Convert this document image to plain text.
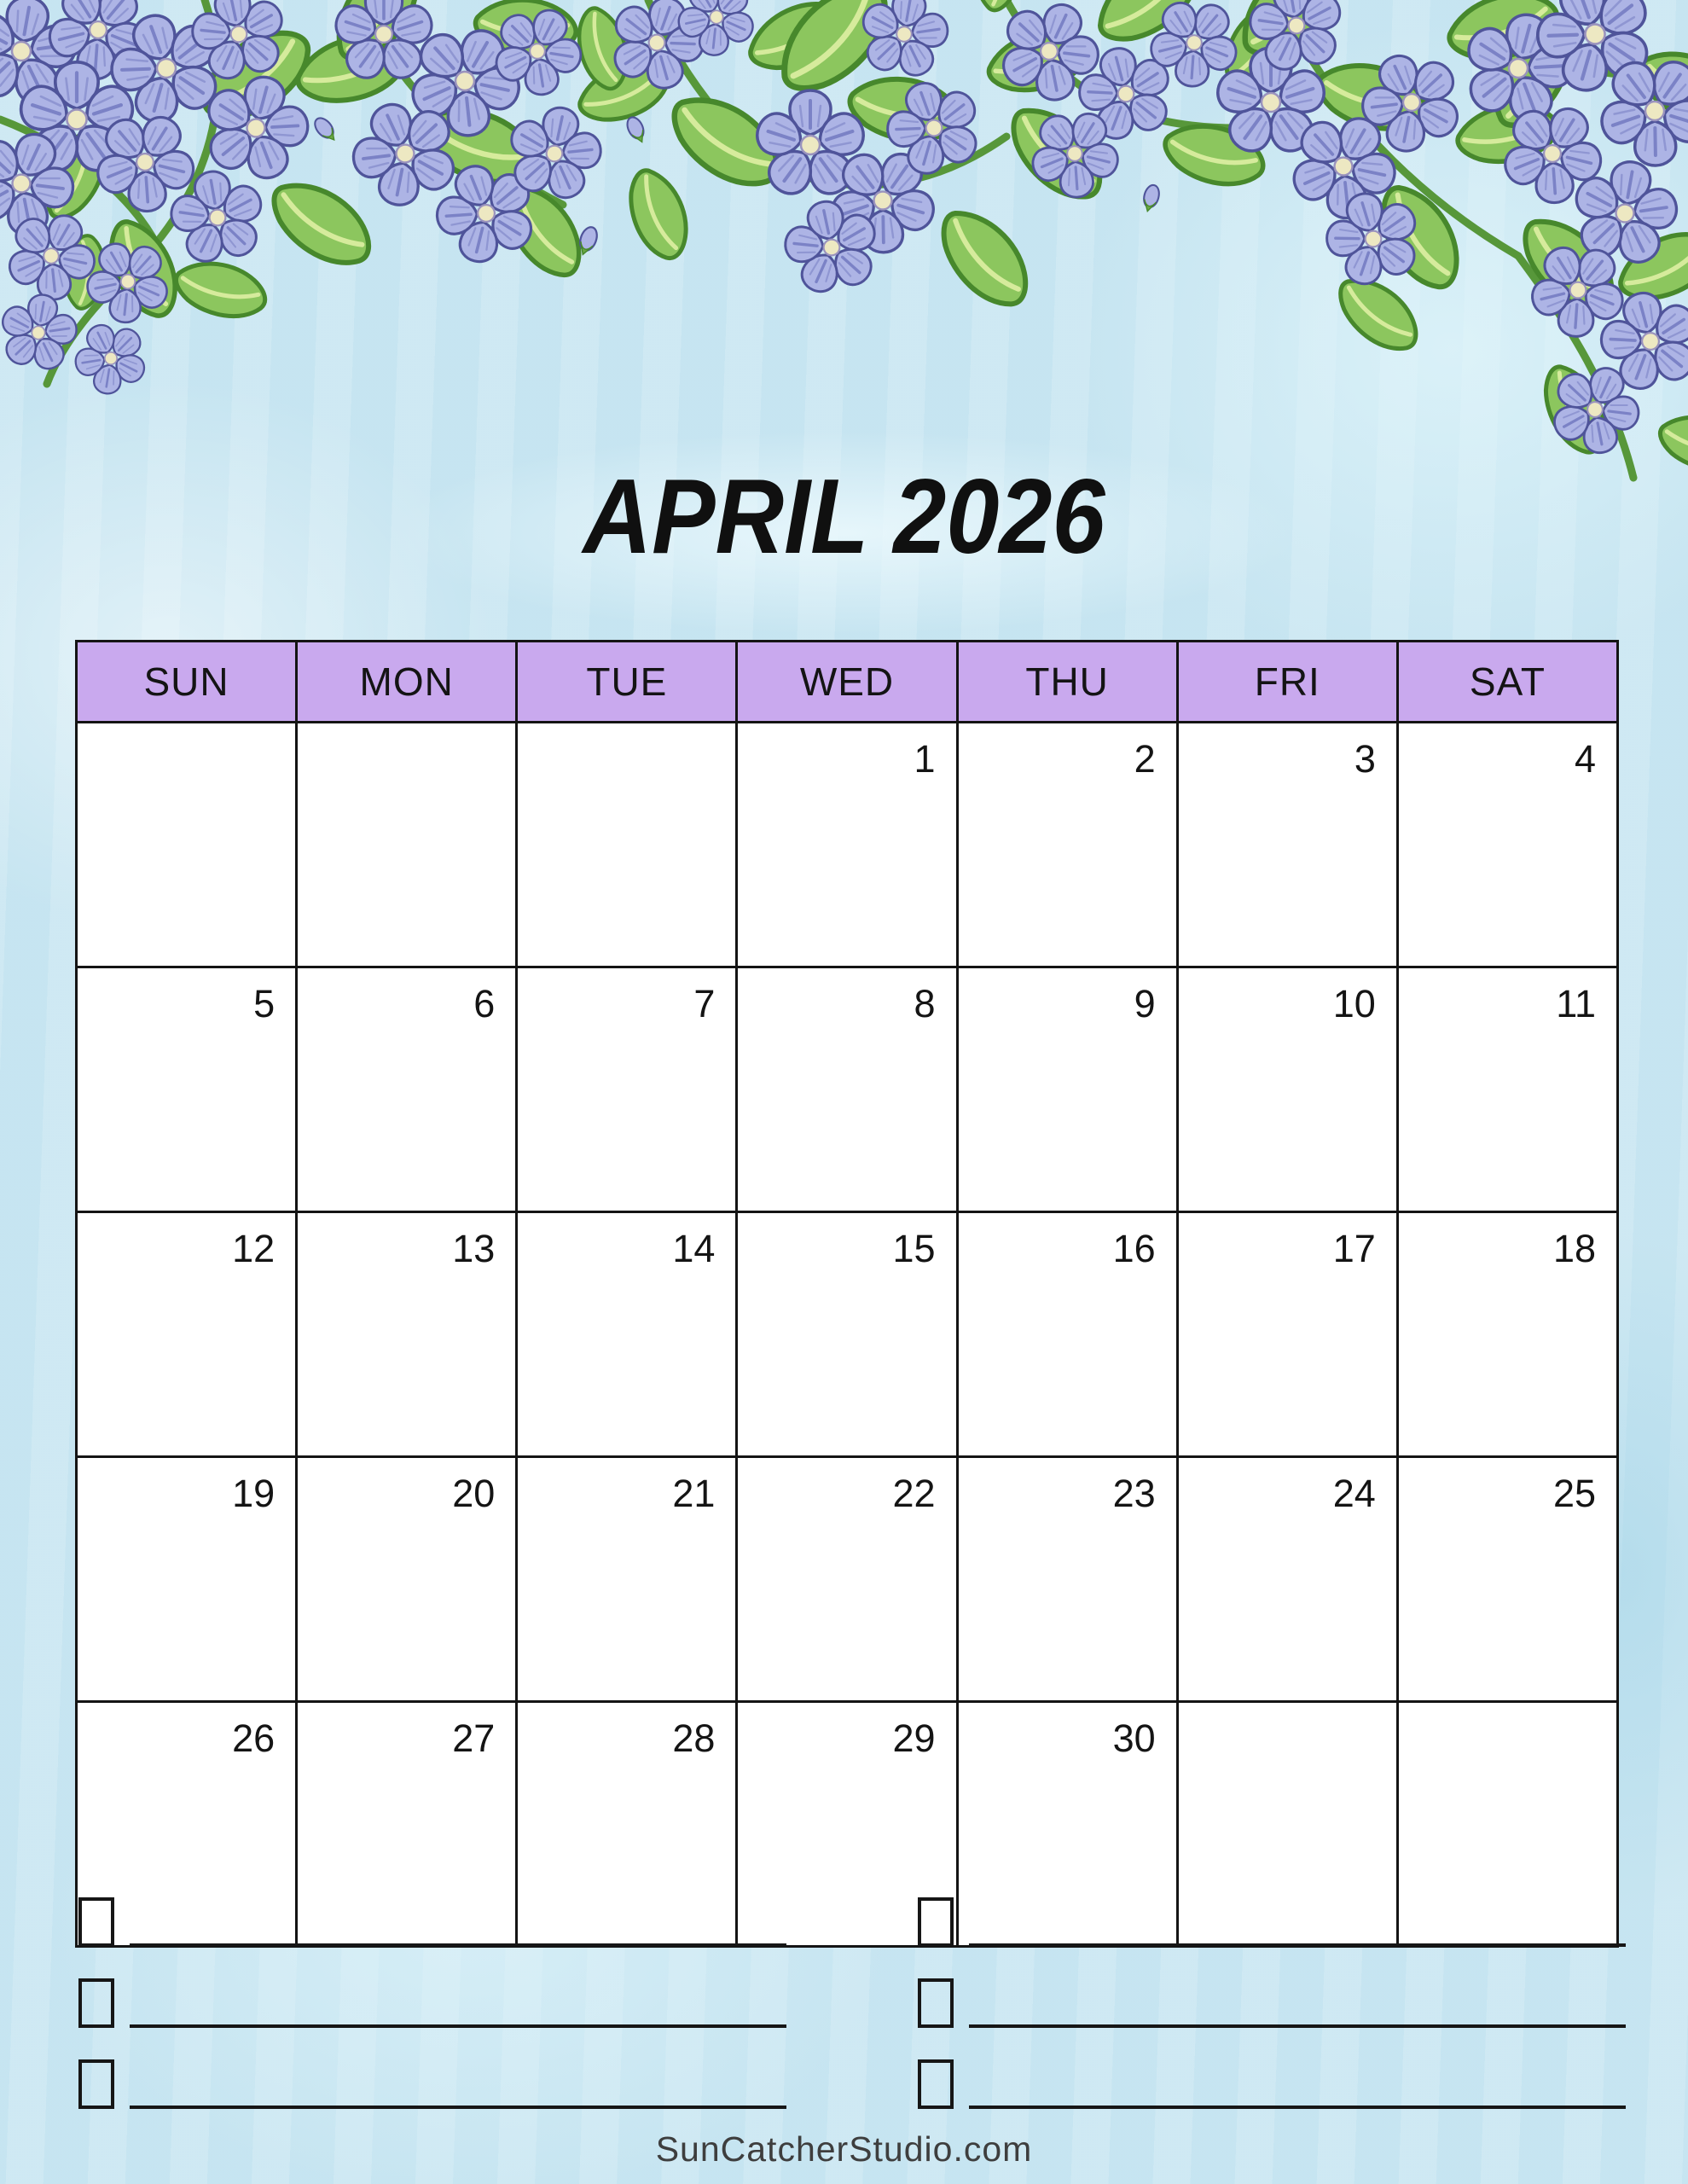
APRIL 2026
SUN	MON	TUE	WED	THU	FRI	SAT
			1	2	3	4
5	6	7	8	9	10	11
12	13	14	15	16	17	18
19	20	21	22	23	24	25
26	27	28	29	30		
SunCatcherStudio.com
